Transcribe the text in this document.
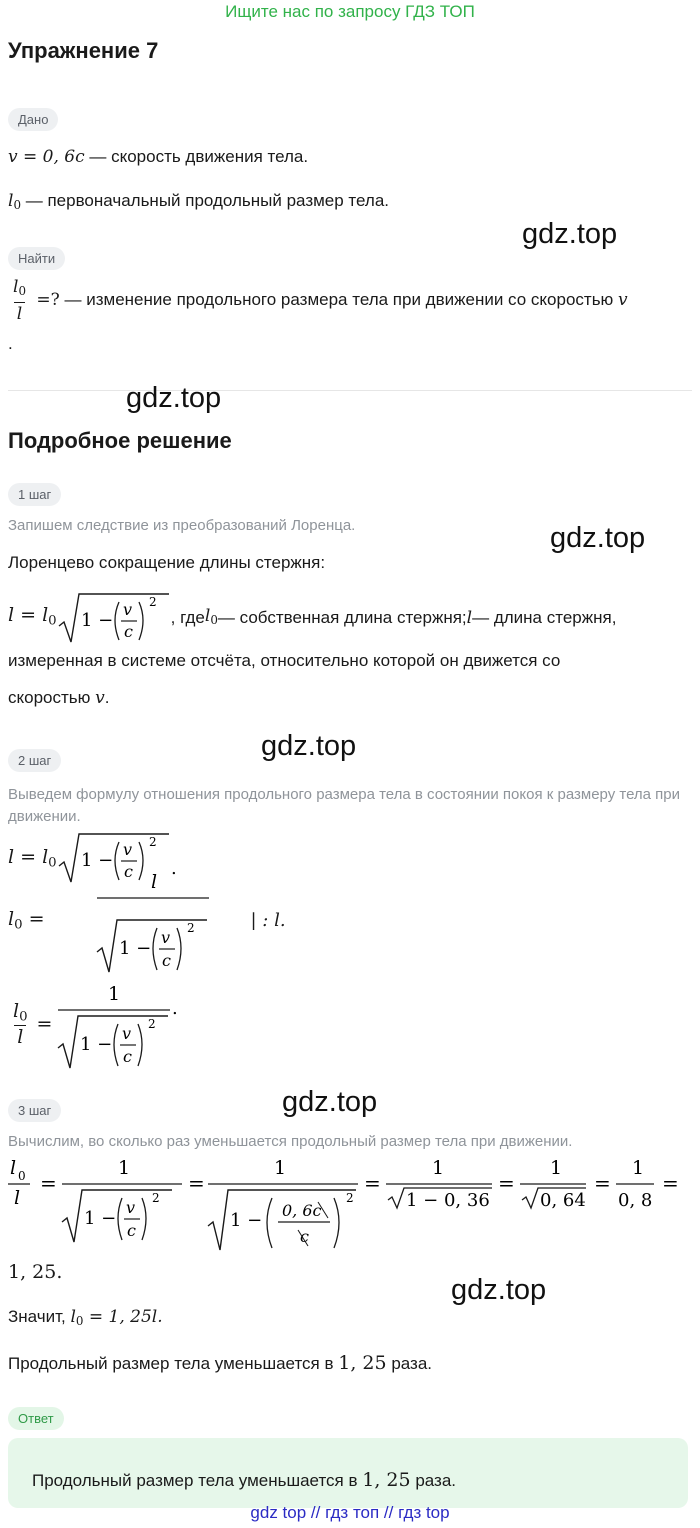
Ищите нас по запросу ГДЗ ТОП
Упражнение 7
Дано
v = 0, 6c — скорость движения тела.
$l_0$ — первоначальный продольный размер тела.
Найти
$\frac{l_0}{l}$ =? — изменение продольного размера тела при движении со скоростью v
.
gdz.top
gdz.top
gdz.top
gdz.top
gdz.top
gdz.top
Подробное решение
1 шаг
Запишем следствие из преобразований Лоренца.
Лоренцево сокращение длины стержня:
$l = l_0$ 1 −
v
c
2
, где $l_0$ — собственная длина стержня; l — длина стержня,
измеренная в системе отсчёта, относительно которой он движется со
скоростью v.
2 шаг
Выведем формулу отношения продольного размера тела в состоянии покоя к размеру тела при движении.
$l = l_0$ 1 −
v
c
2
.
$l_0$ =
l
1 −
v
c
2	| : l.
$\frac{l_0}{l}$ =
1
1 −
v
c
2
.
3 шаг
Вычислим, во сколько раз уменьшается продольный размер тела при движении.
l 0
l
=
1
1 −
v
c
2
=
1
1 − 0, 6c
c
2
=
1
1 − 0, 36
=
1
0, 64
=
1
0, 8
=
1, 25.
Значит, $l_0 = 1$, 25l.
Продольный размер тела уменьшается в 1, 25 раза.
Ответ
Продольный размер тела уменьшается в 1, 25 раза.
gdz top // гдз топ // гдз top
